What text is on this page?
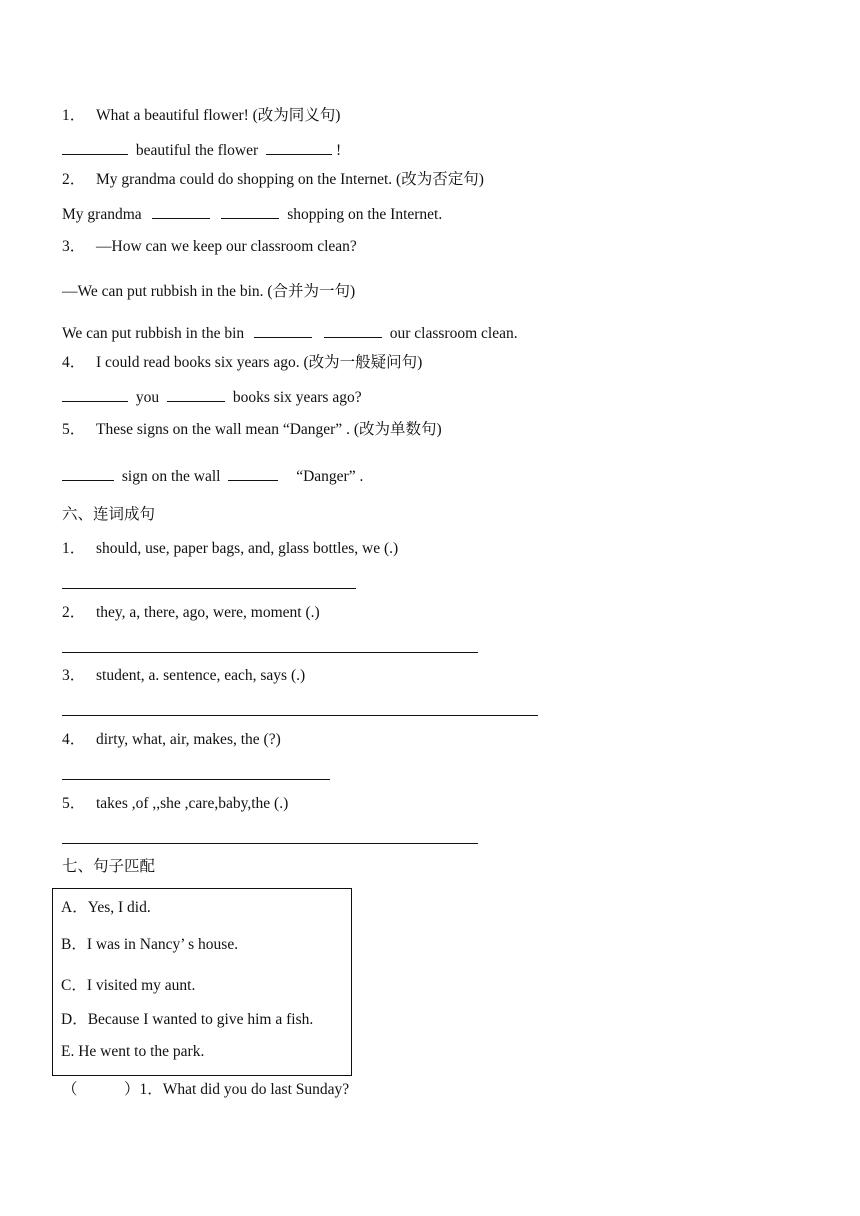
1． What a beautiful flower! (改为同义句)
beautiful the flower	!
2． My grandma could do shopping on the Internet. (改为否定句)
My grandma	shopping on the Internet.
3． —How can we keep our classroom clean?
—We can put rubbish in the bin. (合并为一句)
We can put rubbish in the bin	our classroom clean.
4． I could read books six years ago. (改为一般疑问句)
you	books six years ago?
5． These signs on the wall mean “Danger” . (改为单数句)
sign on the wall	“Danger” .
六、连词成句
1． should, use, paper bags, and, glass bottles, we (.)
2． they, a, there, ago, were, moment (.)
3． student, a. sentence, each, says (.)
4． dirty, what, air, makes, the (?)
5． takes ,of ,,she ,care,baby,the (.)
七、句子匹配
A．Yes, I did.
B．I was in Nancy’ s house.
C．I visited my aunt.
D．Because I wanted to give him a fish.
E. He went to the park.
（　　　）1．What did you do last Sunday?
